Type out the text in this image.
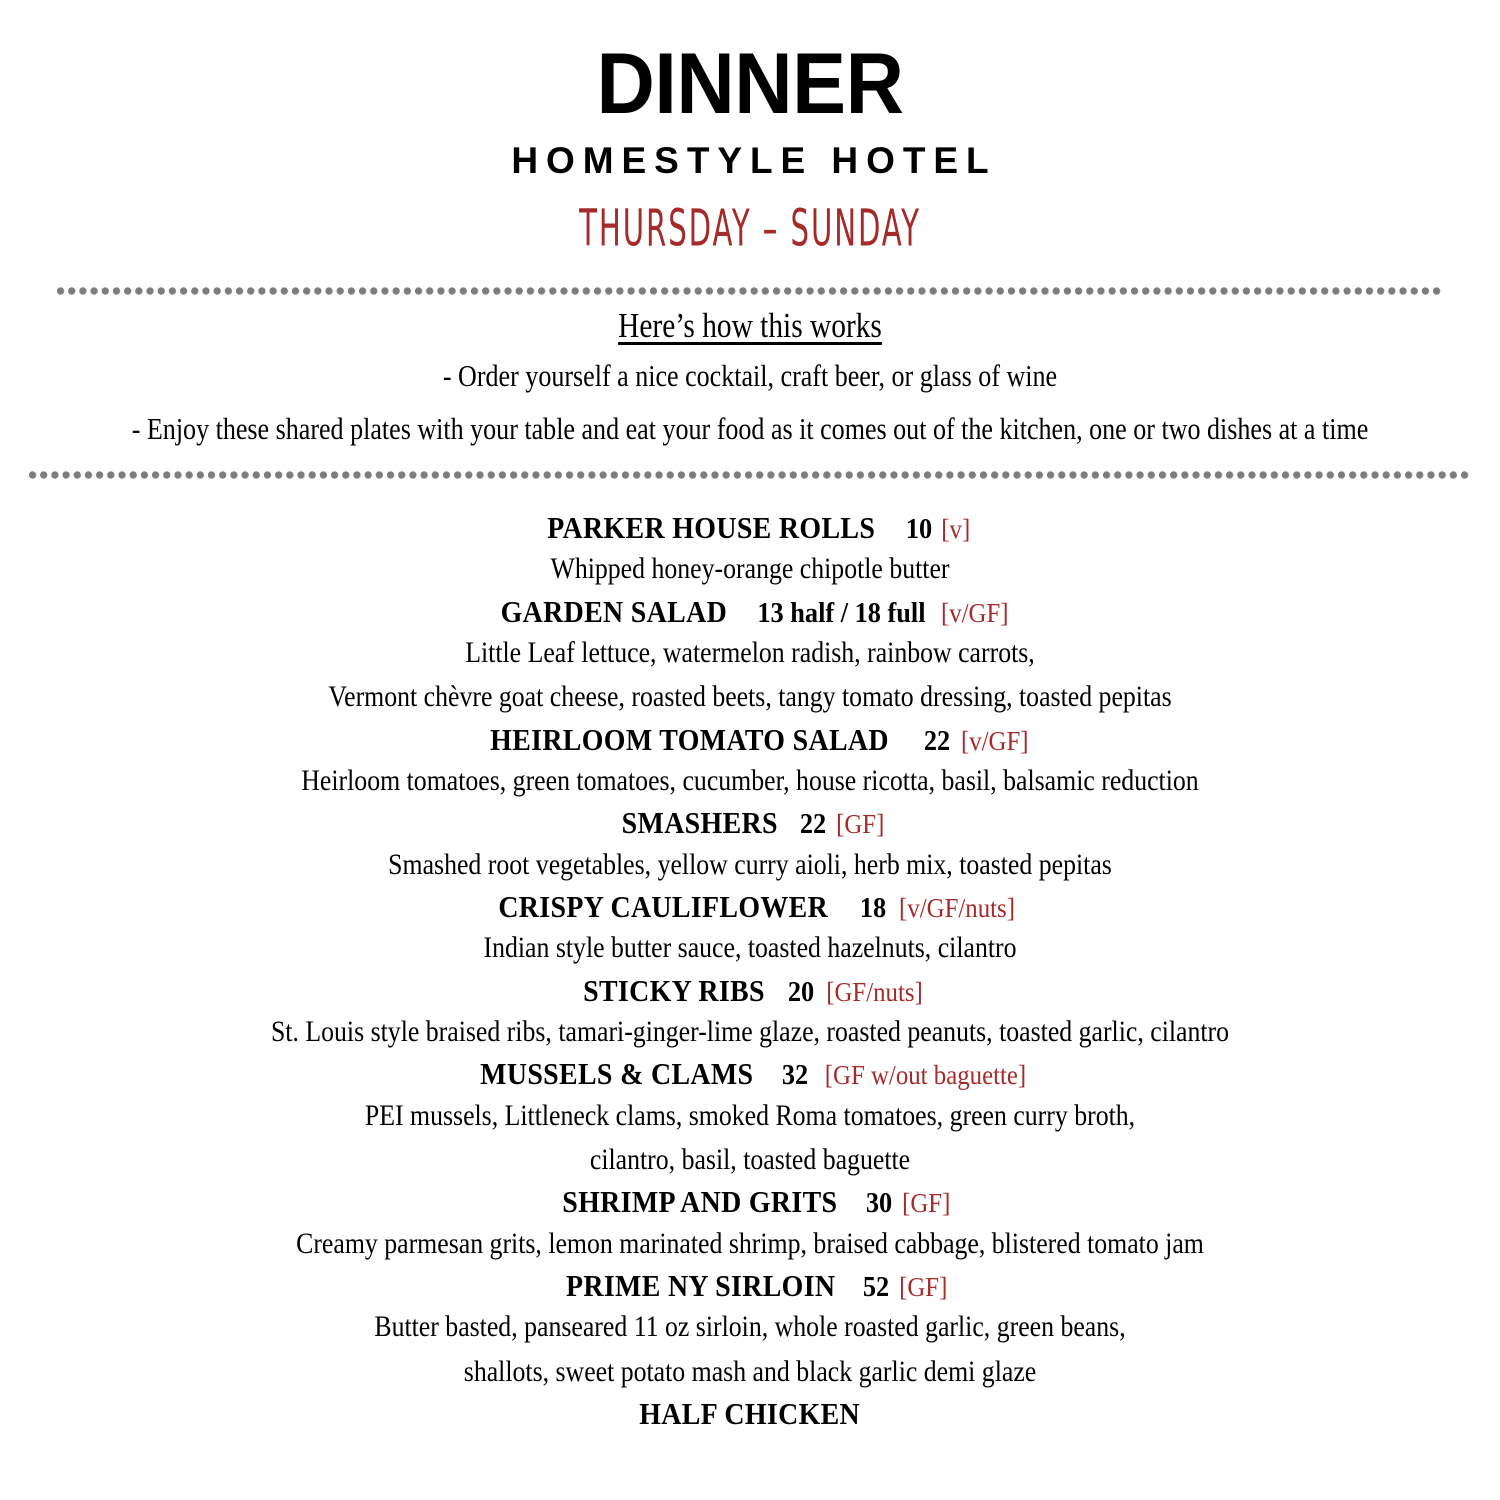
DINNER
HOMESTYLE HOTEL
THURSDAY – SUNDAY
Here’s how this works
- Order yourself a nice cocktail, craft beer, or glass of wine
- Enjoy these shared plates with your table and eat your food as it comes out of the kitchen, one or two dishes at a time
PARKER HOUSE ROLLS 10 [v]
Whipped honey-orange chipotle butter
GARDEN SALAD 13 half / 18 full [v/GF]
Little Leaf lettuce, watermelon radish, rainbow carrots,
Vermont chèvre goat cheese, roasted beets, tangy tomato dressing, toasted pepitas
HEIRLOOM TOMATO SALAD 22 [v/GF]
Heirloom tomatoes, green tomatoes, cucumber, house ricotta, basil, balsamic reduction
SMASHERS 22 [GF]
Smashed root vegetables, yellow curry aioli, herb mix, toasted pepitas
CRISPY CAULIFLOWER 18 [v/GF/nuts]
Indian style butter sauce, toasted hazelnuts, cilantro
STICKY RIBS 20 [GF/nuts]
St. Louis style braised ribs, tamari-ginger-lime glaze, roasted peanuts, toasted garlic, cilantro
MUSSELS & CLAMS 32 [GF w/out baguette]
PEI mussels, Littleneck clams, smoked Roma tomatoes, green curry broth,
cilantro, basil, toasted baguette
SHRIMP AND GRITS 30 [GF]
Creamy parmesan grits, lemon marinated shrimp, braised cabbage, blistered tomato jam
PRIME NY SIRLOIN 52 [GF]
Butter basted, panseared 11 oz sirloin, whole roasted garlic, green beans,
shallots, sweet potato mash and black garlic demi glaze
HALF CHICKEN
